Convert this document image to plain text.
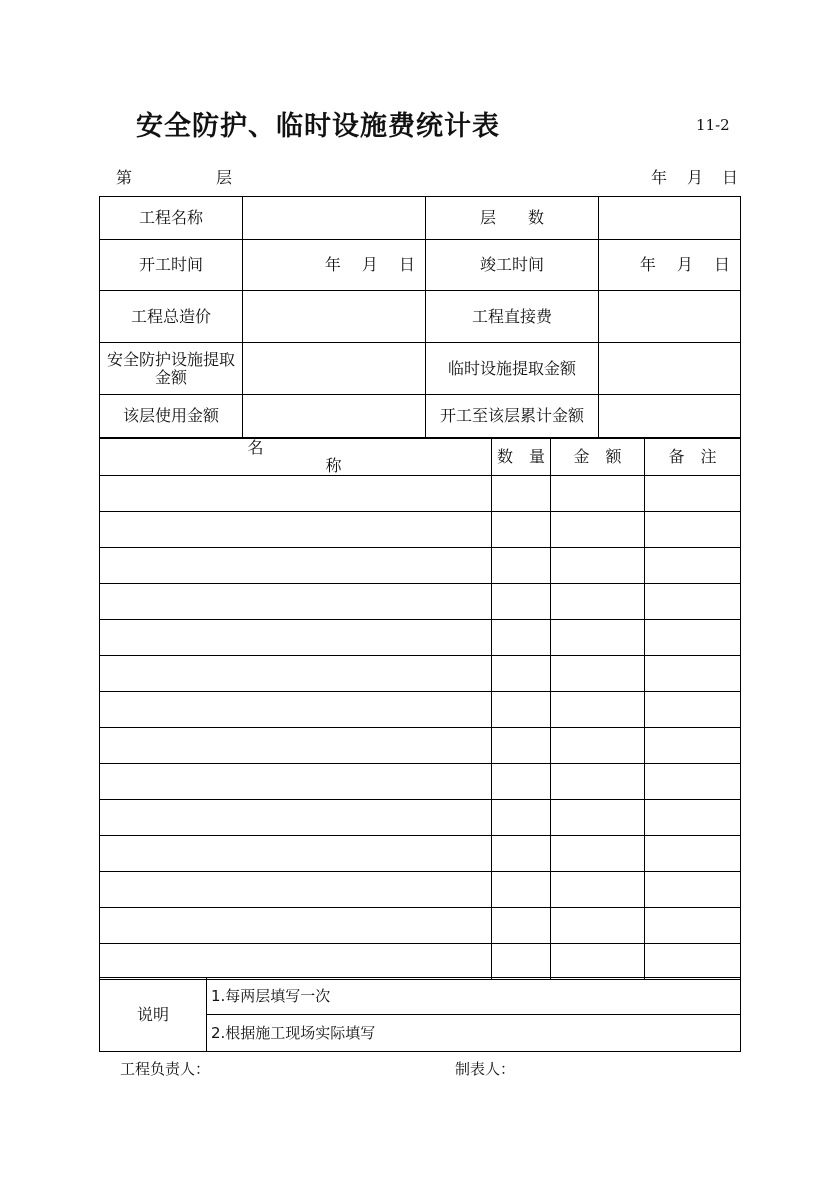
安全防护、临时设施费统计表	11-2
第	层	年 月 日
工程名称		层　　数	
开工时间	年　 月　 日	竣工时间	年　 月　 日
工程总造价		工程直接费	

安全防护设施提取
金额		临时设施提取金额	
该层使用金额		开工至该层累计金额	
名 称	数　量	金　额	备　注

说明	1.每两层填写一次
2.根据施工现场实际填写
工程负责人：	制表人：
